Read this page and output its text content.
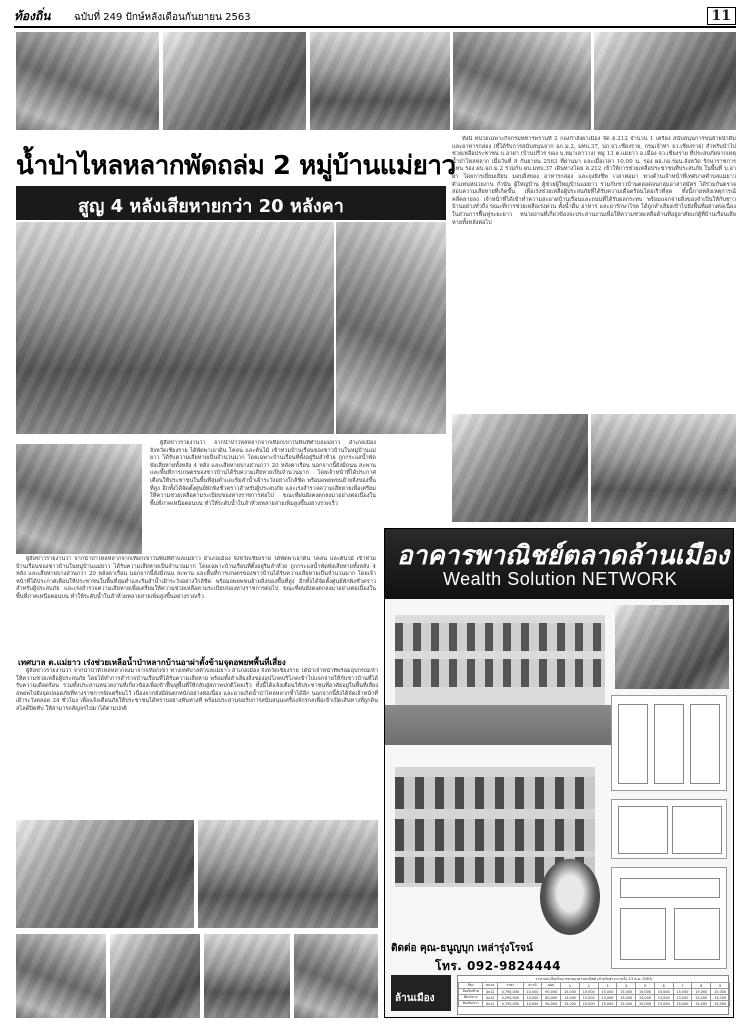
ท้องถิ่น ฉบับที่ 249 ปักษ์หลังเดือนกันยายน 2563	11
น้ำป่าไหลหลากพัดถล่ม 2 หมู่บ้านแม่ยาว
สูญ 4 หลังเสียหายกว่า 20 หลังคา

ทั้งนี้ หน่วยเฉพาะกิจกรมทหารพรานที่ 2 กองกำลังผาเมือง จัด ฮ.212 จำนวน 1 เครื่อง สนับสนุนการขนย้ายน้ำดื่ม และอาหารกล่อง (ที่ได้รับการสนับสนุนจาก ฉก.ม.2, มทบ.37, ปภ.จว.เชียงราย, กรมเจ้าท่า จว.เชียงราย) สำหรับนำไปช่วยเหลือประชาชน บ.อาผ่า (บ้านปรีวร ของ บ.หมาเลาวาง) หมู่ 13 ต.แม่ยาว อ.เมือง จว.เชียงราย ที่ประสบภัยจากเหตุน้ำป่าไหลหลาก เมื่อวันที่ 8 กันยายน 2563 ที่ผ่านมา และเมื่อเวลา 10.00 น. รอง ผอ.กอ.รมน.จังหวัด รักษาราชการแทน รอง ผบ.ฉก.ม.2 ร่วมกับ ผบ.มทบ.37 เดินทางโดย ฮ.212 เข้าให้การช่วยเหลือประชาชนที่ประสบภัย ในพื้นที่ บ.อาผ่า โดยการเยี่ยมเยียน มอบสิ่งของ อาหารกล่อง และถุงยังชีพ เวลาต่อมา ทางด้านเจ้าหน้าที่เทศบาลตำบลแม่ยาว ตัวแทนหน่วยงาน กำนัน ผู้ใหญ่บ้าน ผู้ช่วยผู้ใหญ่บ้านแม่ยาว ร่วมกับชาวบ้านตลอดจนกลุ่มอาสาสมัคร ได้ร่วมกันตรวจสอบความเสียหายที่เกิดขึ้น เพื่อเร่งช่วยเหลือผู้ประสบภัยที่ได้รับความเดือดร้อนโดยเร็วที่สุด ทั้งนี้ภายหลังเหตุการณ์คลี่คลายลง เจ้าหน้าที่ได้เข้าทำความสะอาดบ้านเรือนและถนนที่ได้รับผลกระทบ พร้อมแจกจ่ายสิ่งของจำเป็นให้กับชาวบ้านอย่างทั่วถึง ขณะที่การช่วยเหลือเร่งด่วน ทั้งน้ำดื่ม อาหาร และยารักษาโรค ได้ถูกลำเลียงเข้าไปยังพื้นที่อย่างต่อเนื่อง ในส่วนการฟื้นฟูระยะยาว หน่วยงานที่เกี่ยวข้องจะประสานงานเพื่อให้ความช่วยเหลือด้านที่อยู่อาศัยแก่ผู้ที่บ้านเรือนเสียหายทั้งหลังต่อไป

ผู้สื่อข่าวรายงานว่า จากน้ำป่าไหลหลากจากเทือกเขาในพื้นที่ตำบลแม่ยาว อำเภอเมือง จังหวัดเชียงราย ได้พัดพาเอาดิน โคลน และต้นไม้ เข้าท่วมบ้านเรือนของชาวบ้านในหมู่บ้านแม่ยาว ได้รับความเสียหายเป็นจำนวนมาก โดยเฉพาะบ้านเรือนที่ตั้งอยู่ริมลำห้วย ถูกกระแสน้ำพัดพังเสียหายทั้งหลัง 4 หลัง และเสียหายบางส่วนกว่า 20 หลังคาเรือน นอกจากนี้ยังมีถนน สะพาน และพื้นที่การเกษตรของชาวบ้านได้รับความเสียหายเป็นจำนวนมาก โดยเจ้าหน้าที่ได้ประกาศเตือนให้ประชาชนในพื้นที่ลุ่มต่ำและริมลำน้ำเฝ้าระวังอย่างใกล้ชิด พร้อมอพยพขนย้ายสิ่งของขึ้นที่สูง อีกทั้งได้จัดตั้งศูนย์พักพิงชั่วคราวสำหรับผู้ประสบภัย และเร่งสำรวจความเสียหายเพื่อเตรียมให้ความช่วยเหลือตามระเบียบของทางราชการต่อไป ขณะที่ฝนยังคงตกลงมาอย่างต่อเนื่องในพื้นที่ภาคเหนือตอนบน ทำให้ระดับน้ำในลำห้วยหลายสายเพิ่มสูงขึ้นอย่างรวดเร็ว

ผู้สื่อข่าวรายงานว่า จากน้ำป่าไหลหลากจากเทือกเขาในพื้นที่ตำบลแม่ยาว อำเภอเมือง จังหวัดเชียงราย ได้พัดพาเอาดิน โคลน และต้นไม้ เข้าท่วมบ้านเรือนของชาวบ้านในหมู่บ้านแม่ยาว ได้รับความเสียหายเป็นจำนวนมาก โดยเฉพาะบ้านเรือนที่ตั้งอยู่ริมลำห้วย ถูกกระแสน้ำพัดพังเสียหายทั้งหลัง 4 หลัง และเสียหายบางส่วนกว่า 20 หลังคาเรือน นอกจากนี้ยังมีถนน สะพาน และพื้นที่การเกษตรของชาวบ้านได้รับความเสียหายเป็นจำนวนมาก โดยเจ้าหน้าที่ได้ประกาศเตือนให้ประชาชนในพื้นที่ลุ่มต่ำและริมลำน้ำเฝ้าระวังอย่างใกล้ชิด พร้อมอพยพขนย้ายสิ่งของขึ้นที่สูง อีกทั้งได้จัดตั้งศูนย์พักพิงชั่วคราวสำหรับผู้ประสบภัย และเร่งสำรวจความเสียหายเพื่อเตรียมให้ความช่วยเหลือตามระเบียบของทางราชการต่อไป ขณะที่ฝนยังคงตกลงมาอย่างต่อเนื่องในพื้นที่ภาคเหนือตอนบน ทำให้ระดับน้ำในลำห้วยหลายสายเพิ่มสูงขึ้นอย่างรวดเร็ว

เทศบาล ต.แม่ยาว เร่งช่วยเหลือน้ำป่าหลากบ้านอาผ่าตั้งข้ามจุดอพยพพื้นที่เสี่ยง

ผู้สื่อข่าวรายงานว่า จากน้ำป่าที่ไหลหลากลงมาจากเทือกเขา ทางเทศบาลตำบลแม่ยาว อำเภอเมือง จังหวัดเชียงราย ได้นำเจ้าหน้าที่พร้อมอุปกรณ์เข้าให้ความช่วยเหลือผู้ประสบภัย โดยได้ทำการสำรวจบ้านเรือนที่ได้รับความเสียหาย พร้อมทั้งลำเลียงสิ่งของอุปโภคบริโภคเข้าไปแจกจ่ายให้กับชาวบ้านที่ได้รับความเดือดร้อน รวมทั้งประสานหน่วยงานที่เกี่ยวข้องเพื่อเข้าฟื้นฟูพื้นที่ให้กลับสู่สภาพปกติโดยเร็ว ทั้งนี้ได้แจ้งเตือนให้ประชาชนที่อาศัยอยู่ในพื้นที่เสี่ยงอพยพไปยังจุดปลอดภัยที่ทางราชการจัดเตรียมไว้ เนื่องจากยังมีฝนตกหนักอย่างต่อเนื่อง และอาจเกิดน้ำป่าไหลหลากซ้ำได้อีก นอกจากนี้ยังได้จัดเจ้าหน้าที่เฝ้าระวังตลอด 24 ชั่วโมง เพื่อแจ้งเตือนภัยให้ประชาชนได้ทราบอย่างทันท่วงที พร้อมประสานขอรับการสนับสนุนเครื่องจักรกลเพื่อเข้าเปิดเส้นทางที่ถูกดินสไลด์ปิดทับ ให้สามารถสัญจรไปมาได้ตามปกติ

อาคารพาณิชย์ตลาดล้านเมือง
Wealth Solution NETWORK
ติดต่อ คุณ-ธนูญบุก เหล่ารุ่งโรจน์
โทร. 092-9824444
ล้านเมือง
ราคาและเงื่อนไขการขายอาคารพาณิชย์ (สำหรับชำระภายใน 13 ต.ค. 2563)
ห้อง	ขนาด	ราคา	ดาวน์	ผ่อน	1	2	3	4	5	6	7	8	9
ห้องริมซ้าย	4x12	4,790,000	10,000	90,000	15,000	15,000	15,000	15,000	15,000	15,000	15,000	15,000	15,000
ห้องกลาง	4x12	4,290,000	10,000	80,000	13,000	13,000	13,000	13,000	13,000	13,000	13,000	13,000	13,000
ห้องริมขวา	4x12	4,790,000	10,000	90,000	15,000	15,000	15,000	15,000	15,000	15,000	15,000	15,000	15,000
